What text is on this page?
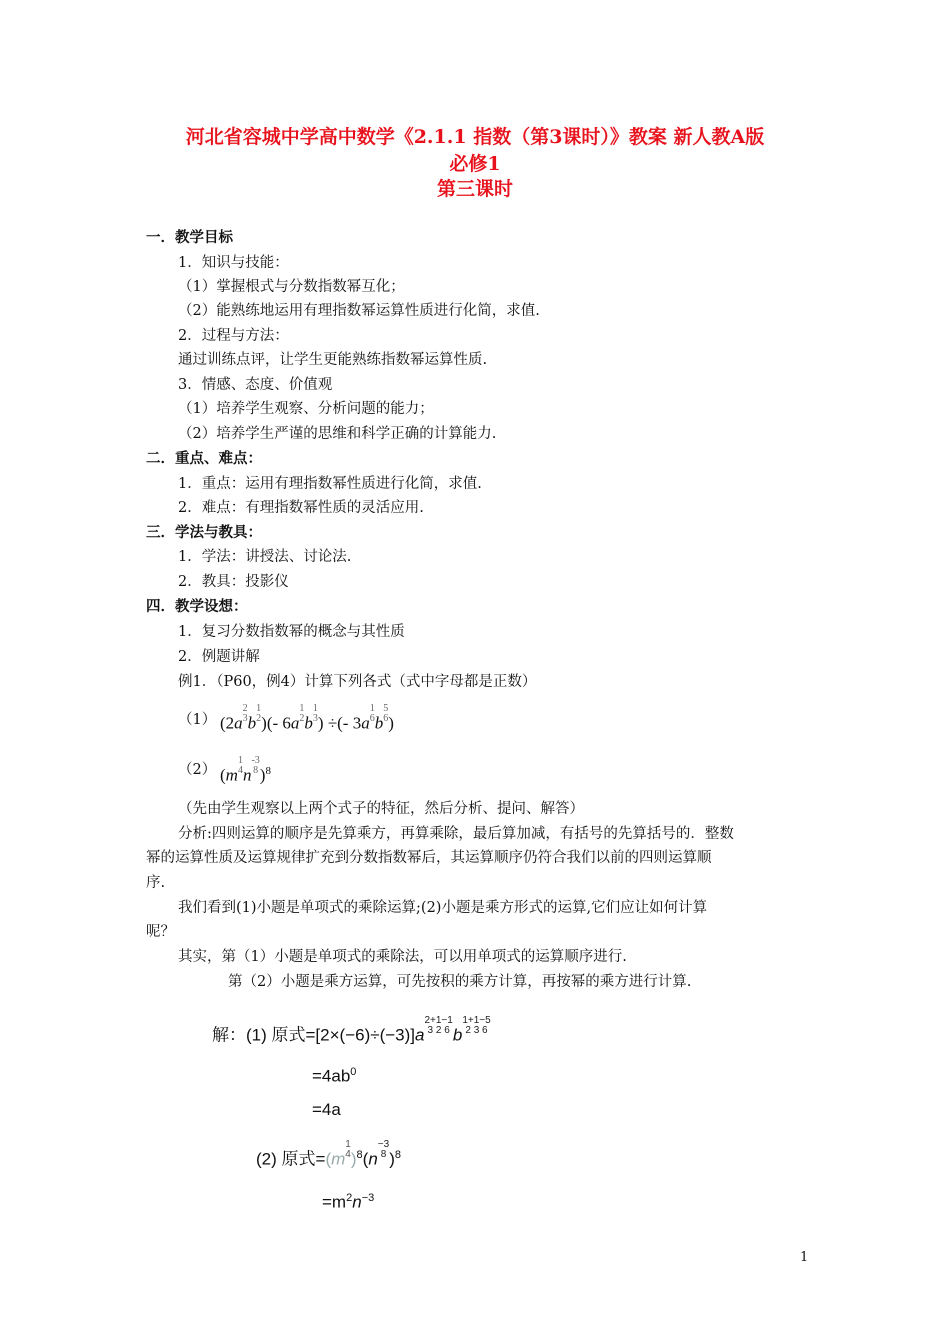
河北省容城中学高中数学《2.1.1 指数（第3课时）》教案 新人教A版
必修1
第三课时
一．教学目标
1．知识与技能：
（1）掌握根式与分数指数幂互化；
（2）能熟练地运用有理指数幂运算性质进行化简，求值.
2．过程与方法：
通过训练点评，让学生更能熟练指数幂运算性质.
3．情感、态度、价值观
（1）培养学生观察、分析问题的能力；
（2）培养学生严谨的思维和科学正确的计算能力.
二．重点、难点：
1．重点：运用有理指数幂性质进行化简，求值.
2．难点：有理指数幂性质的灵活应用.
三．学法与教具：
1．学法：讲授法、讨论法.
2．教具：投影仪
四．教学设想：
1．复习分数指数幂的概念与其性质
2．例题讲解
例1．（P60，例4）计算下列各式（式中字母都是正数）
（1） (2a
2
3 b
1
2 )(- 6a
1
2 b
1
3 ) ÷(- 3a
1
6 b
5
6 )
（2） (m
1
4 n
-3
8 )$^8$
（先由学生观察以上两个式子的特征，然后分析、提问、解答）
分析:四则运算的顺序是先算乘方，再算乘除，最后算加减，有括号的先算括号的．整数
幂的运算性质及运算规律扩充到分数指数幂后，其运算顺序仍符合我们以前的四则运算顺
序.
我们看到(1)小题是单项式的乘除运算;(2)小题是乘方形式的运算,它们应让如何计算
呢？
其实，第（1）小题是单项式的乘除法，可以用单项式的运算顺序进行.
第（2）小题是乘方运算，可先按积的乘方计算，再按幂的乘方进行计算.
解：(1) 原式=[2×(−6)÷(−3)]a
2+1−1
3 2 6 b
1+1−5
2 3 6
$=4ab^0$
=4a
(2) 原式=(m
1
4 )$^8$(n
−3
8 )$^8$
$=m^2n^{-3}$
1
